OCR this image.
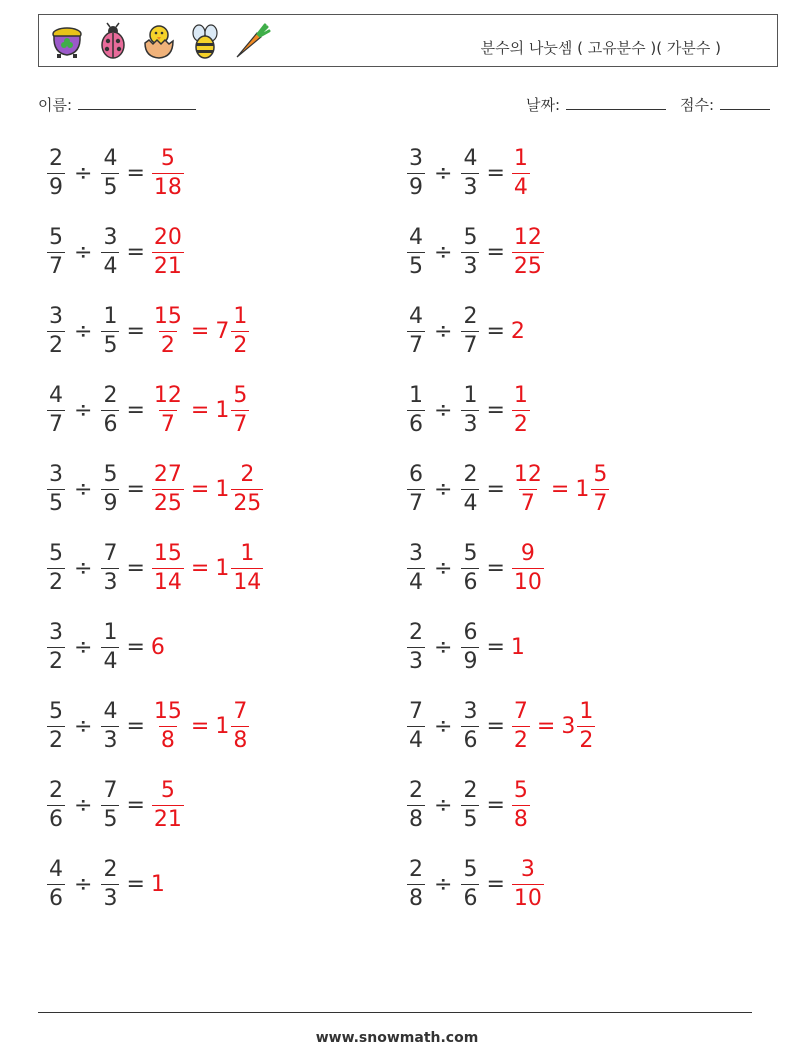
분수의 나눗셈 ( 고유분수 )( 가분수 )
이름:	날짜:	점수:
$\frac{2}{9} \div \frac{4}{5} = \frac{5}{18}$	$\frac{3}{9} \div \frac{4}{3} = \frac{1}{4}$
$\frac{5}{7} \div \frac{3}{4} = \frac{20}{21}$	$\frac{4}{5} \div \frac{5}{3} = \frac{12}{25}$
$\frac{3}{2} \div \frac{1}{5} = \frac{15}{2} = 7 \frac{1}{2}$	$\frac{4}{7} \div \frac{2}{7} = 2$
$\frac{4}{7} \div \frac{2}{6} = \frac{12}{7} = 1 \frac{5}{7}$	$\frac{1}{6} \div \frac{1}{3} = \frac{1}{2}$
$\frac{3}{5} \div \frac{5}{9} = \frac{27}{25} = 1 \frac{2}{25}$	$\frac{6}{7} \div \frac{2}{4} = \frac{12}{7} = 1 \frac{5}{7}$
$\frac{5}{2} \div \frac{7}{3} = \frac{15}{14} = 1 \frac{1}{14}$	$\frac{3}{4} \div \frac{5}{6} = \frac{9}{10}$
$\frac{3}{2} \div \frac{1}{4} = 6$	$\frac{2}{3} \div \frac{6}{9} = 1$
$\frac{5}{2} \div \frac{4}{3} = \frac{15}{8} = 1 \frac{7}{8}$	$\frac{7}{4} \div \frac{3}{6} = \frac{7}{2} = 3 \frac{1}{2}$
$\frac{2}{6} \div \frac{7}{5} = \frac{5}{21}$	$\frac{2}{8} \div \frac{2}{5} = \frac{5}{8}$
$\frac{4}{6} \div \frac{2}{3} = 1$	$\frac{2}{8} \div \frac{5}{6} = \frac{3}{10}$
www.snowmath.com
